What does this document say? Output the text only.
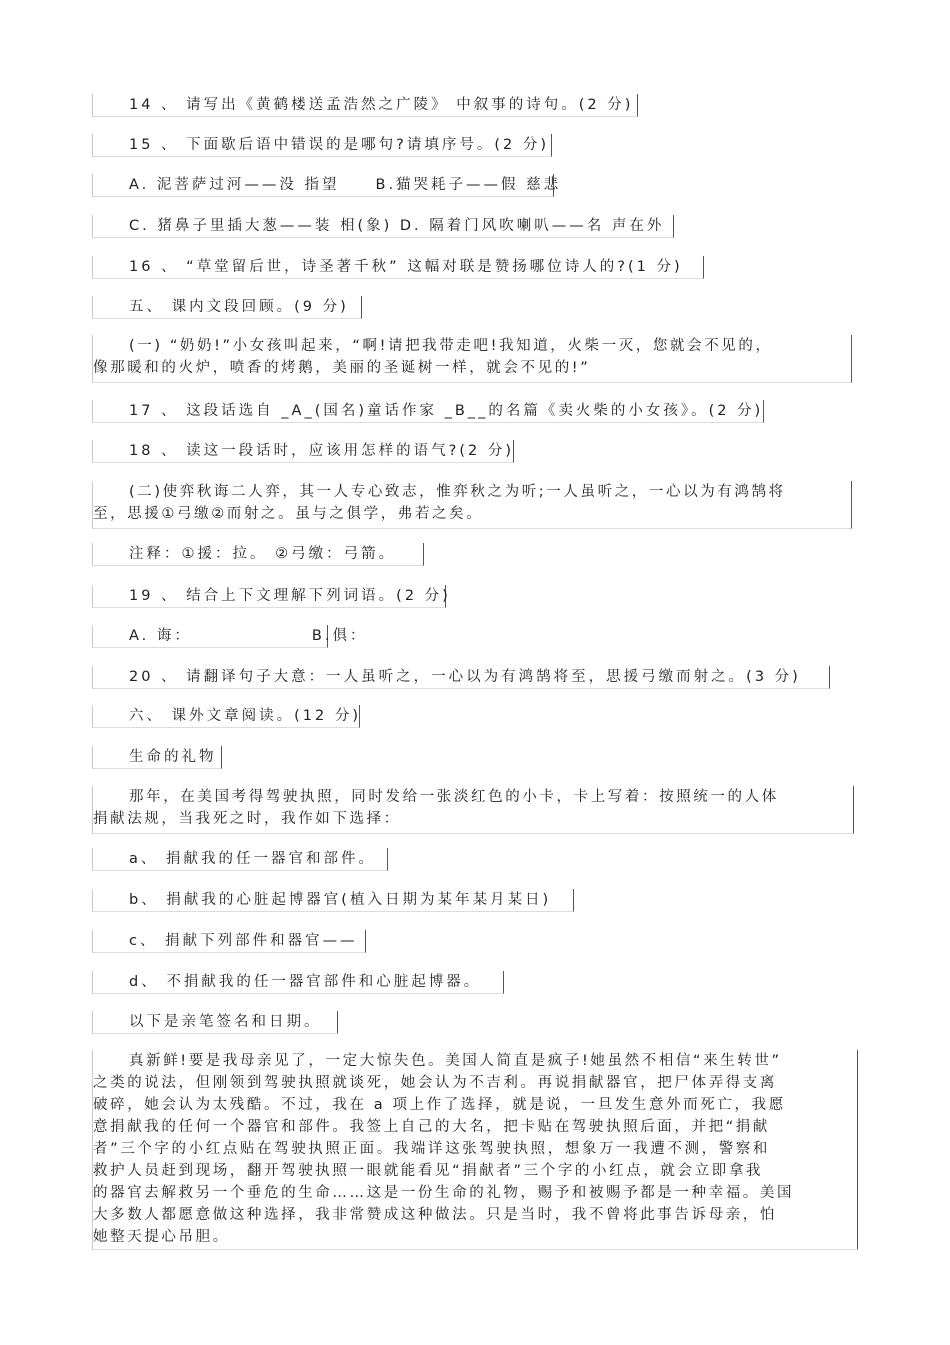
14 、 请写出《黄鹤楼送孟浩然之广陵》 中叙事的诗句。(2 分)
15 、 下面歇后语中错误的是哪句?请填序号。(2 分)
A. 泥菩萨过河——没 指望 B.猫哭耗子——假 慈悲
C. 猪鼻子里插大葱——装 相(象) D. 隔着门风吹喇叭——名 声在外
16 、 “草堂留后世，诗圣著千秋” 这幅对联是赞扬哪位诗人的?(1 分)
五、 课内文段回顾。(9 分)
(一) “奶奶!”小女孩叫起来，“啊!请把我带走吧!我知道，火柴一灭，您就会不见的，
像那暖和的火炉，喷香的烤鹅，美丽的圣诞树一样，就会不见的!”
17 、 这段话选自 _A_(国名)童话作家 _B__的名篇《卖火柴的小女孩》。(2 分)
18 、 读这一段话时，应该用怎样的语气?(2 分)
(二)使弈秋诲二人弈，其一人专心致志，惟弈秋之为听;一人虽听之，一心以为有鸿鹄将
至，思援①弓缴②而射之。虽与之俱学，弗若之矣。
注释：①援：拉。 ②弓缴：弓箭。
19 、 结合上下文理解下列词语。(2 分)
A. 诲：	B.俱：
20 、 请翻译句子大意：一人虽听之，一心以为有鸿鹄将至，思援弓缴而射之。(3 分)
六、 课外文章阅读。(12 分)
生命的礼物
那年，在美国考得驾驶执照，同时发给一张淡红色的小卡，卡上写着：按照统一的人体
捐献法规，当我死之时，我作如下选择：
a、 捐献我的任一器官和部件。
b、 捐献我的心脏起博器官(植入日期为某年某月某日)
c、 捐献下列部件和器官——
d、 不捐献我的任一器官部件和心脏起博器。
以下是亲笔签名和日期。
真新鲜!要是我母亲见了，一定大惊失色。美国人简直是疯子!她虽然不相信“来生转世”
之类的说法，但刚领到驾驶执照就谈死，她会认为不吉利。再说捐献器官，把尸体弄得支离
破碎，她会认为太残酷。不过，我在 a 项上作了选择，就是说，一旦发生意外而死亡，我愿
意捐献我的任何一个器官和部件。我签上自己的大名，把卡贴在驾驶执照后面，并把“捐献
者”三个字的小红点贴在驾驶执照正面。我端详这张驾驶执照，想象万一我遭不测，警察和
救护人员赶到现场，翻开驾驶执照一眼就能看见“捐献者”三个字的小红点，就会立即拿我
的器官去解救另一个垂危的生命……这是一份生命的礼物，赐予和被赐予都是一种幸福。美国
大多数人都愿意做这种选择，我非常赞成这种做法。只是当时，我不曾将此事告诉母亲，怕
她整天提心吊胆。
